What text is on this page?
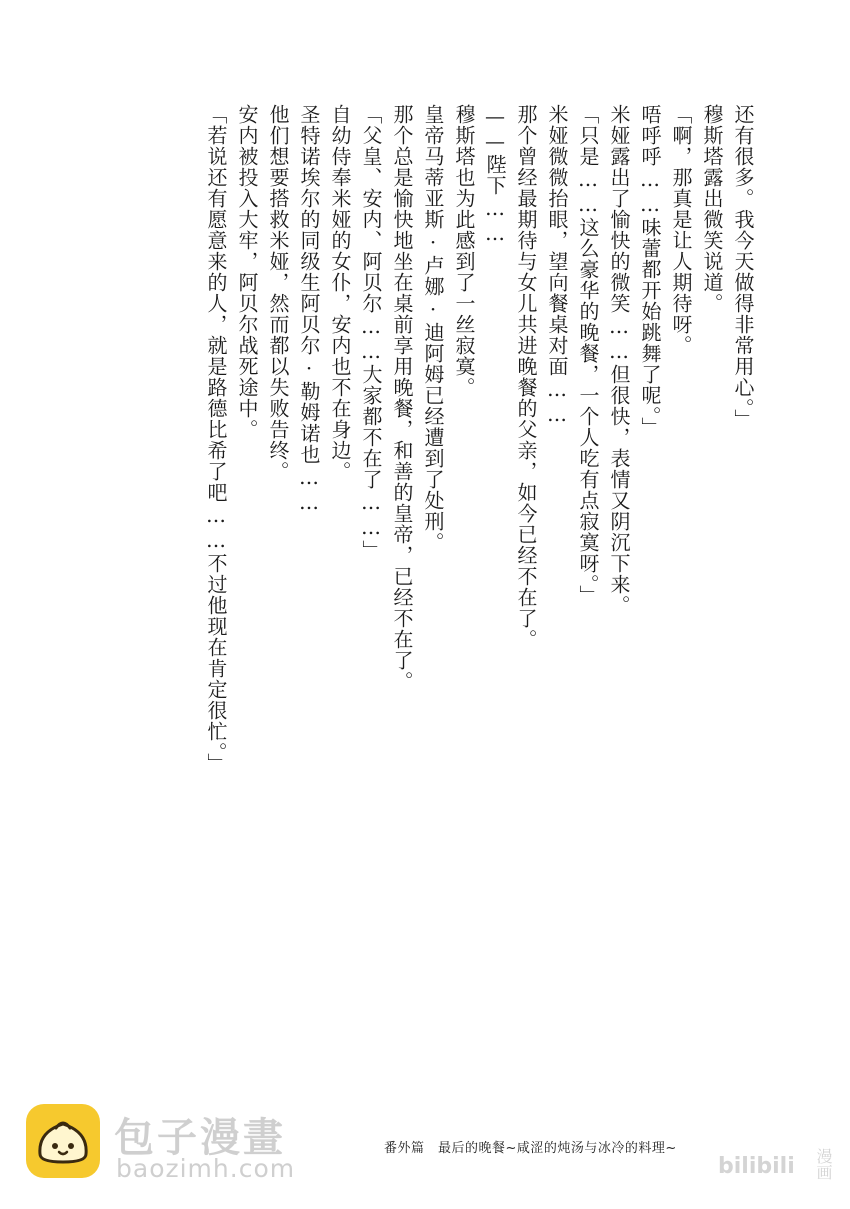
还有很多。我今天做得非常用心。」
穆斯塔露出微笑说道。
「啊，那真是让人期待呀。
唔呼呼……味蕾都开始跳舞了呢。」
米娅露出了愉快的微笑……但很快，表情又阴沉下来。
「只是……这么豪华的晚餐，一个人吃有点寂寞呀。」
米娅微微抬眼，望向餐桌对面……
那个曾经最期待与女儿共进晚餐的父亲，如今已经不在了。
——陛下……
穆斯塔也为此感到了一丝寂寞。
皇帝马蒂亚斯·卢娜·迪阿姆已经遭到了处刑。
那个总是愉快地坐在桌前享用晚餐，和善的皇帝，已经不在了。
「父皇、安内、阿贝尔……大家都不在了……」
自幼侍奉米娅的女仆，安内也不在身边。
圣特诺埃尔的同级生阿贝尔·勒姆诺也……
他们想要搭救米娅，然而都以失败告终。
安内被投入大牢，阿贝尔战死途中。
「若说还有愿意来的人，就是路德比希了吧……不过他现在肯定很忙。」
包子漫畫
baozimh.com
番外篇　最后的晚餐~咸涩的炖汤与冰冷的料理~
bilibili 漫画
